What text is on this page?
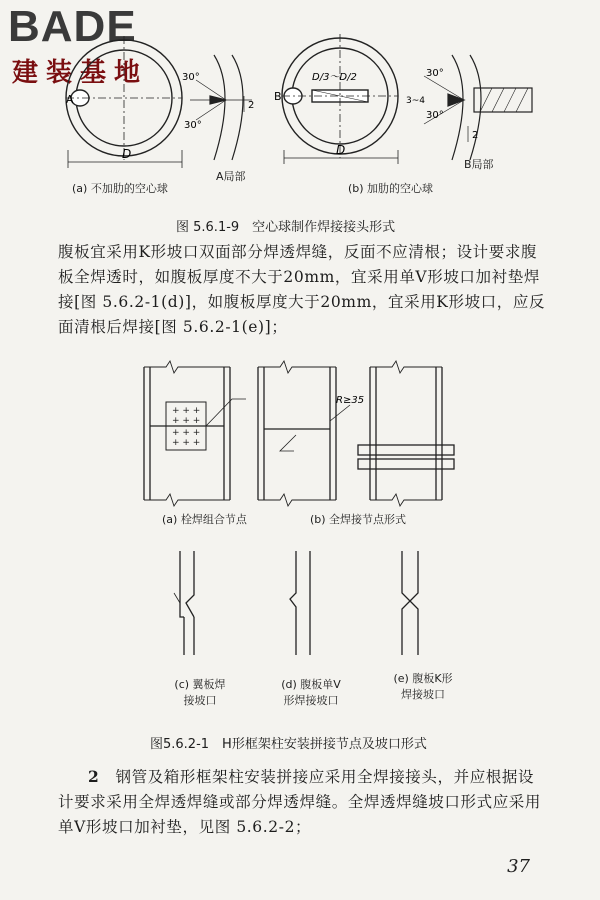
BADE
建装基地
D
A
30°
30°
2
D/3～D/2
D
B
30°
30°
3~4
2
(a) 不加肋的空心球
A局部
(b) 加肋的空心球
B局部
图 5.6.1-9　空心球制作焊接接头形式
腹板宜采用K形坡口双面部分焊透焊缝，反面不应清根；设计要求腹板全焊透时，如腹板厚度不大于20mm，宜采用单V形坡口加衬垫焊接[图 5.6.2-1(d)]，如腹板厚度大于20mm，宜采用K形坡口，应反面清根后焊接[图 5.6.2-1(e)]；
+ + +
+ + +
+ + +
+ + +
R≥35
(a) 栓焊组合节点	(b) 全焊接节点形式
(c) 翼板焊
接坡口
(d) 腹板单V
形焊接坡口
(e) 腹板K形
焊接坡口
图5.6.2-1　H形框架柱安装拼接节点及坡口形式
2　 钢管及箱形框架柱安装拼接应采用全焊接接头，并应根据设计要求采用全焊透焊缝或部分焊透焊缝。全焊透焊缝坡口形式应采用单V形坡口加衬垫，见图 5.6.2-2；
37
